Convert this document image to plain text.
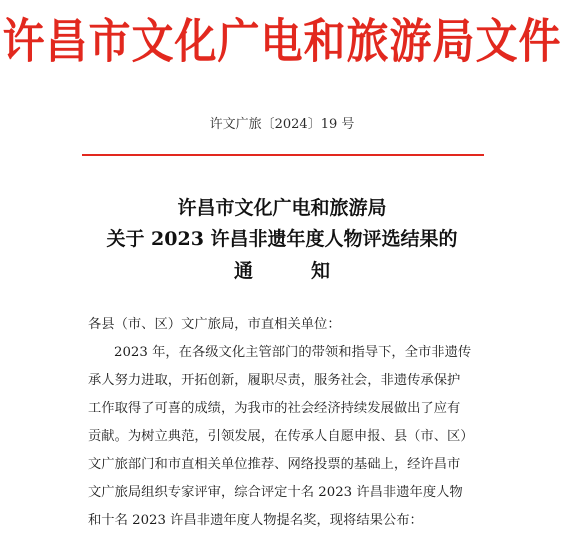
许昌市文化广电和旅游局文件
许文广旅〔2024〕19 号
许昌市文化广电和旅游局
关于 2023 许昌非遗年度人物评选结果的
通	知
各县（市、区）文广旅局，市直相关单位：
2023 年，在各级文化主管部门的带领和指导下，全市非遗传
承人努力进取，开拓创新，履职尽责，服务社会，非遗传承保护
工作取得了可喜的成绩，为我市的社会经济持续发展做出了应有
贡献。为树立典范，引领发展，在传承人自愿申报、县（市、区）
文广旅部门和市直相关单位推荐、网络投票的基础上，经许昌市
文广旅局组织专家评审，综合评定十名 2023 许昌非遗年度人物
和十名 2023 许昌非遗年度人物提名奖，现将结果公布：
